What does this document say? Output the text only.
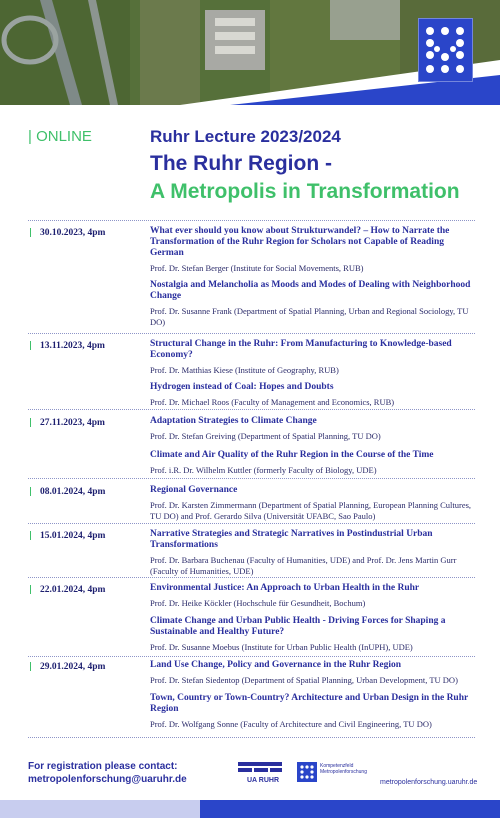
| ONLINE	Ruhr Lecture 2023/2024
The Ruhr Region -
A Metropolis in Transformation
30.10.2023, 4pm	What ever should you know about Strukturwandel? – How to Narrate the Transformation of the Ruhr Region for Scholars not Capable of Reading German
Prof. Dr. Stefan Berger (Institute for Social Movements, RUB)
Nostalgia and Melancholia as Moods and Modes of Dealing with Neighborhood Change
Prof. Dr. Susanne Frank (Department of Spatial Planning, Urban and Regional Sociology, TU DO)
13.11.2023, 4pm	Structural Change in the Ruhr: From Manufacturing to Knowledge-based Economy?
Prof. Dr. Matthias Kiese (Institute of Geography, RUB)
Hydrogen instead of Coal: Hopes and Doubts
Prof. Dr. Michael Roos (Faculty of Management and Economics, RUB)
27.11.2023, 4pm	Adaptation Strategies to Climate Change
Prof. Dr. Stefan Greiving (Department of Spatial Planning, TU DO)
Climate and Air Quality of the Ruhr Region in the Course of the Time
Prof. i.R. Dr. Wilhelm Kuttler (formerly Faculty of Biology, UDE)
08.01.2024, 4pm	Regional Governance
Prof. Dr. Karsten Zimmermann (Department of Spatial Planning, European Planning Cultures, TU DO) and Prof. Gerardo Silva (Universität UFABC, Sao Paulo)
15.01.2024, 4pm	Narrative Strategies and Strategic Narratives in Postindustrial Urban Transformations
Prof. Dr. Barbara Buchenau (Faculty of Humanities, UDE) and Prof. Dr. Jens Martin Gurr (Faculty of Humanities, UDE)
22.01.2024, 4pm	Environmental Justice: An Approach to Urban Health in the Ruhr
Prof. Dr. Heike Köckler (Hochschule für Gesundheit, Bochum)
Climate Change and Urban Public Health - Driving Forces for Shaping a Sustainable and Healthy Future?
Prof. Dr. Susanne Moebus (Institute for Urban Public Health (InUPH), UDE)
29.01.2024, 4pm	Land Use Change, Policy and Governance in the Ruhr Region
Prof. Dr. Stefan Siedentop (Department of Spatial Planning, Urban Development, TU DO)
Town, Country or Town-Country? Architecture and Urban Design in the Ruhr Region
Prof. Dr. Wolfgang Sonne (Faculty of Architecture and Civil Engineering, TU DO)
For registration please contact:
metropolenforschung@uaruhr.de	UA RUHR
Kompetenzfeld Metropolenforschung
metropolenforschung.uaruhr.de
